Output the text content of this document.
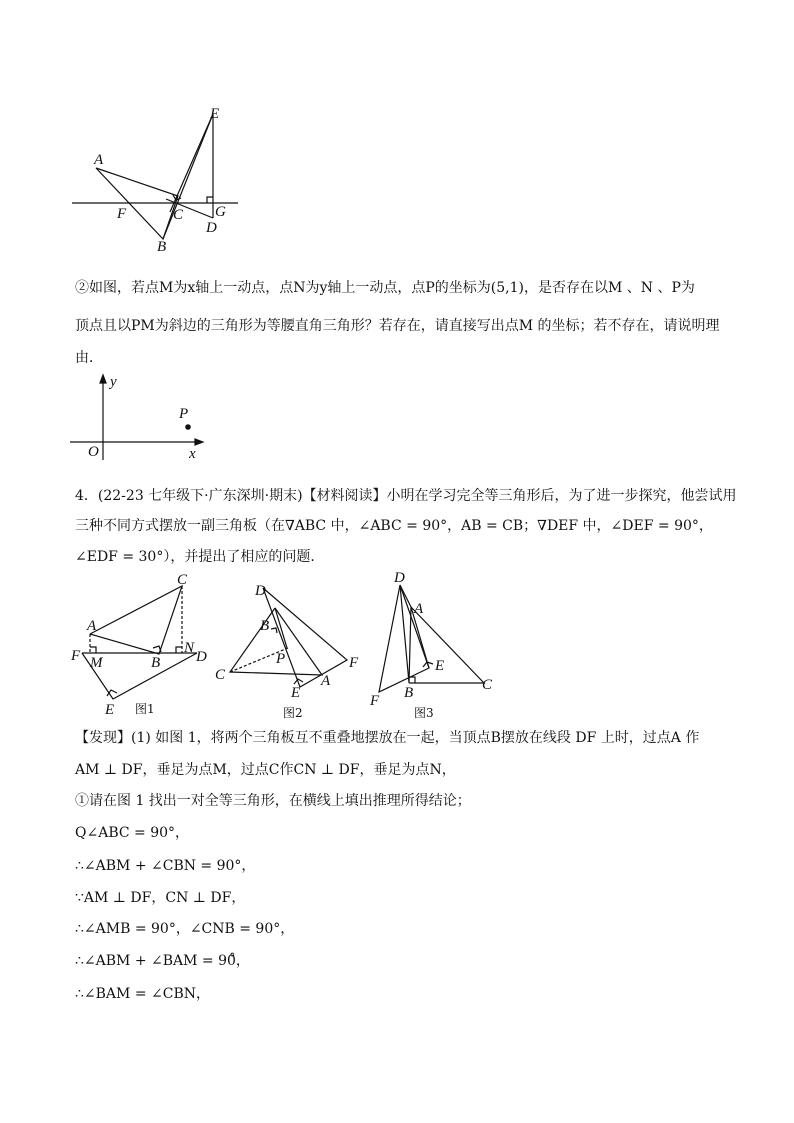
E
A
F	C G
B
D
②如图，若点M为x轴上一动点，点N为y轴上一动点，点P的坐标为(5,1)，是否存在以M 、N 、P为
顶点且以PM为斜边的三角形为等腰直角三角形？若存在，请直接写出点M 的坐标；若不存在，请说明理
由．
y
P
O	x
4．(22-23 七年级下·广东深圳·期末)【材料阅读】小明在学习完全等三角形后，为了进一步探究，他尝试用
三种不同方式摆放一副三角板（在∇ABC 中，∠ABC = 90°，AB = CB；∇DEF 中，∠DEF = 90°，
∠EDF = 30°），并提出了相应的问题．
C
A
F M	B
N
D
E 图1
D
B
P
C
E
A
F
图2
D
A
E
C
F B
图3
【发现】(1) 如图 1，将两个三角板互不重叠地摆放在一起，当顶点B摆放在线段 DF 上时，过点A 作
AM ⊥ DF，垂足为点M，过点C作CN ⊥ DF，垂足为点N，
①请在图 1 找出一对全等三角形，在横线上填出推理所得结论；
Q∠ABC = 90°，
∴∠ABM + ∠CBN = 90°，
∵AM ⊥ DF，CN ⊥ DF，
∴∠AMB = 90°，∠CNB = 90°，
∴∠ABM + ∠BAM = 90̊，
∴∠BAM = ∠CBN，
